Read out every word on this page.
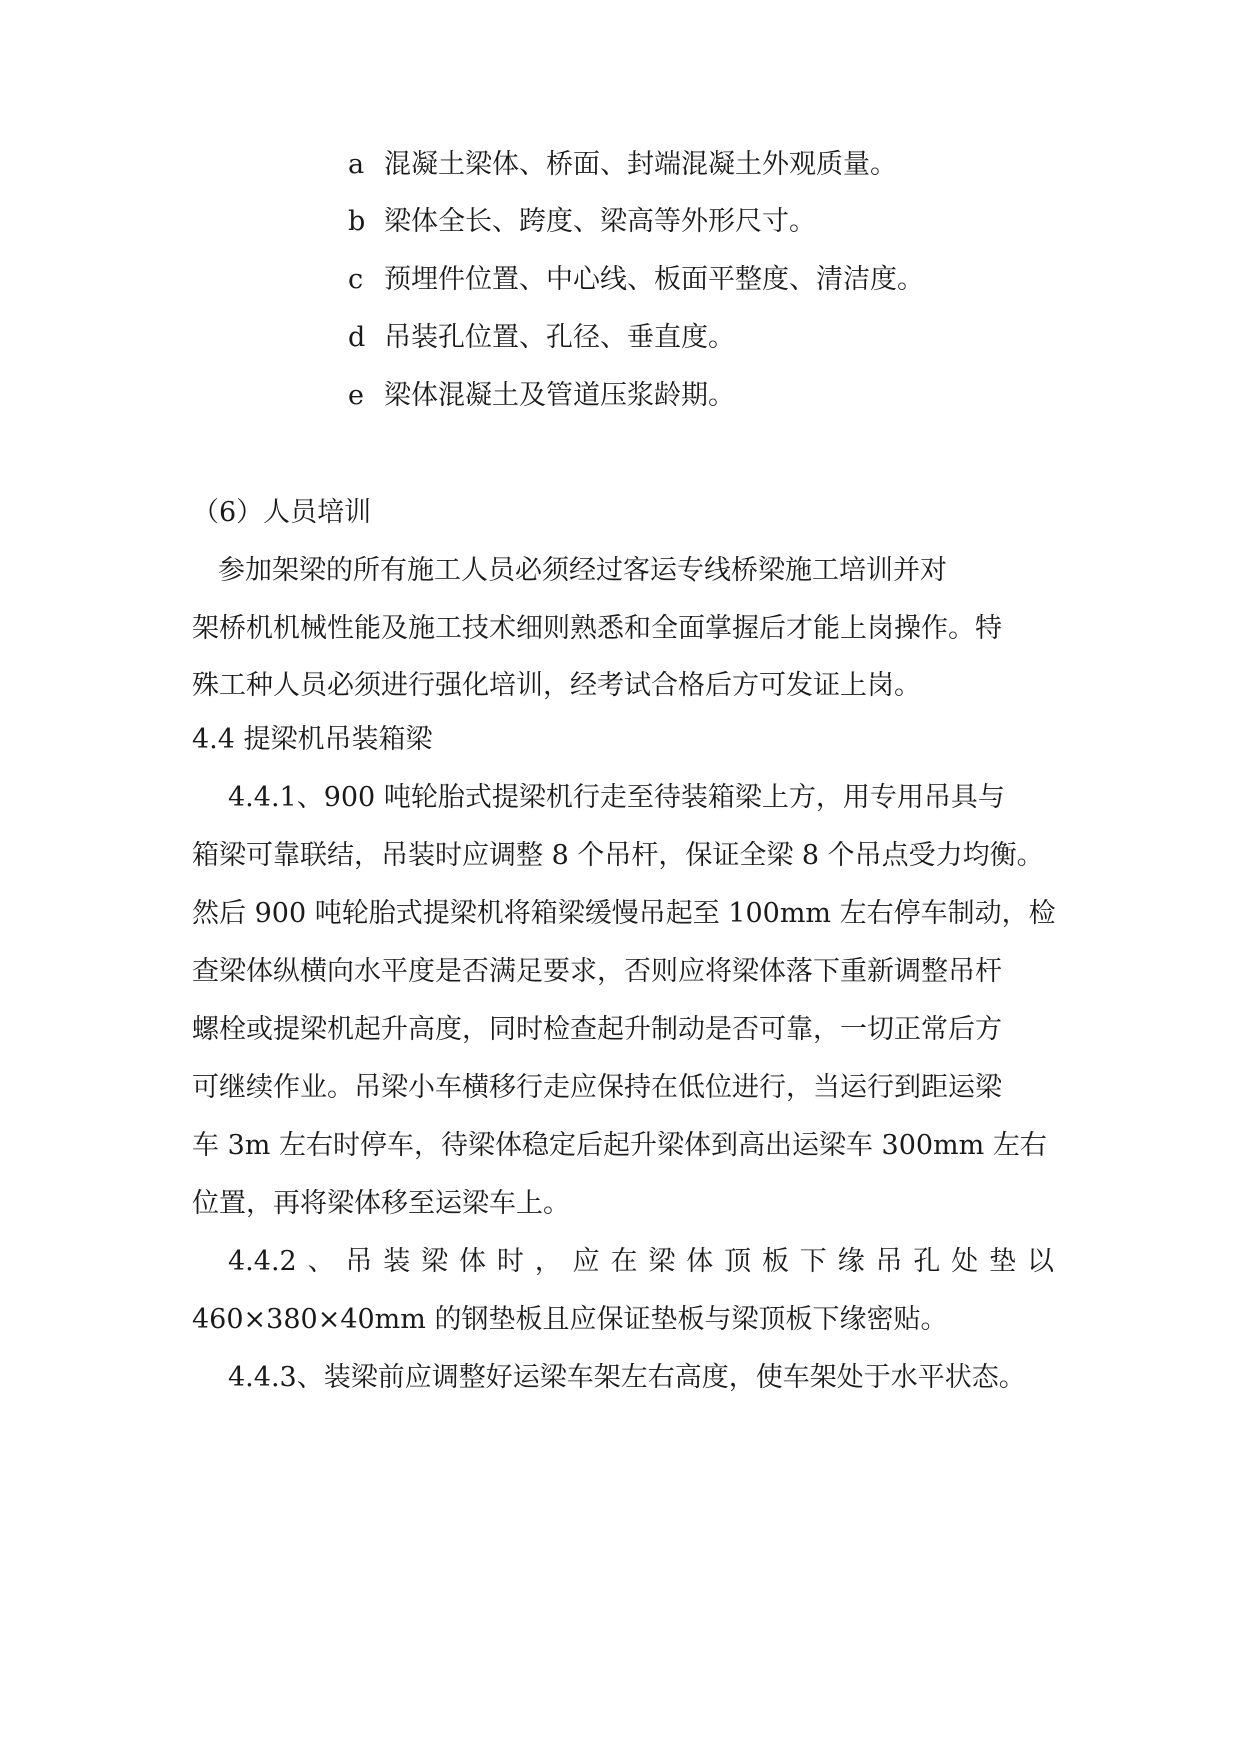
a 混凝土梁体、桥面、封端混凝土外观质量。
b 梁体全长、跨度、梁高等外形尺寸。
c 预埋件位置、中心线、板面平整度、清洁度。
d 吊装孔位置、孔径、垂直度。
e 梁体混凝土及管道压浆龄期。
（6）人员培训
参加架梁的所有施工人员必须经过客运专线桥梁施工培训并对
架桥机机械性能及施工技术细则熟悉和全面掌握后才能上岗操作。特
殊工种人员必须进行强化培训，经考试合格后方可发证上岗。
4.4 提梁机吊装箱梁
4.4.1、900 吨轮胎式提梁机行走至待装箱梁上方，用专用吊具与
箱梁可靠联结，吊装时应调整 8 个吊杆，保证全梁 8 个吊点受力均衡。
然后 900 吨轮胎式提梁机将箱梁缓慢吊起至 100mm 左右停车制动，检
查梁体纵横向水平度是否满足要求，否则应将梁体落下重新调整吊杆
螺栓或提梁机起升高度，同时检查起升制动是否可靠，一切正常后方
可继续作业。吊梁小车横移行走应保持在低位进行，当运行到距运梁
车 3m 左右时停车，待梁体稳定后起升梁体到高出运梁车 300mm 左右
位置，再将梁体移至运梁车上。
4.4.2、吊装梁体时，应在梁体顶板下缘吊孔处垫以
460×380×40mm 的钢垫板且应保证垫板与梁顶板下缘密贴。
4.4.3、装梁前应调整好运梁车架左右高度，使车架处于水平状态。
